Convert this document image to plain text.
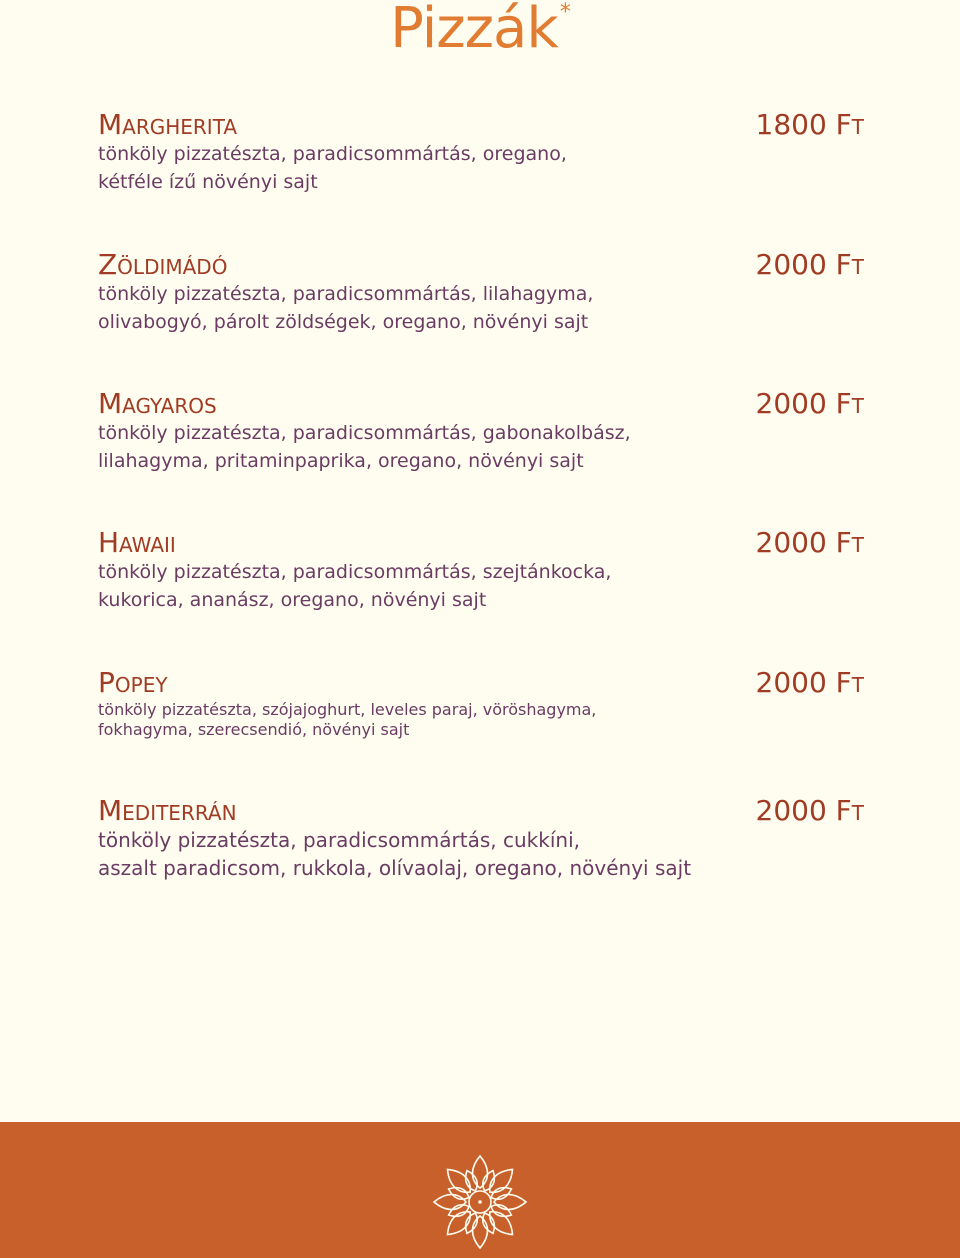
Pizzák*
Margherita	1800 Ft
tönköly pizzatészta, paradicsommártás, oregano,
kétféle ízű növényi sajt
Zöldimádó	2000 Ft
tönköly pizzatészta, paradicsommártás, lilahagyma,
olivabogyó, párolt zöldségek, oregano, növényi sajt
Magyaros	2000 Ft
tönköly pizzatészta, paradicsommártás, gabonakolbász,
lilahagyma, pritaminpaprika, oregano, növényi sajt
Hawaii	2000 Ft
tönköly pizzatészta, paradicsommártás, szejtánkocka,
kukorica, ananász, oregano, növényi sajt
Popey	2000 Ft
tönköly pizzatészta, szójajoghurt, leveles paraj, vöröshagyma,
fokhagyma, szerecsendió, növényi sajt
Mediterrán	2000 Ft
tönköly pizzatészta, paradicsommártás, cukkíni,
aszalt paradicsom, rukkola, olívaolaj, oregano, növényi sajt
